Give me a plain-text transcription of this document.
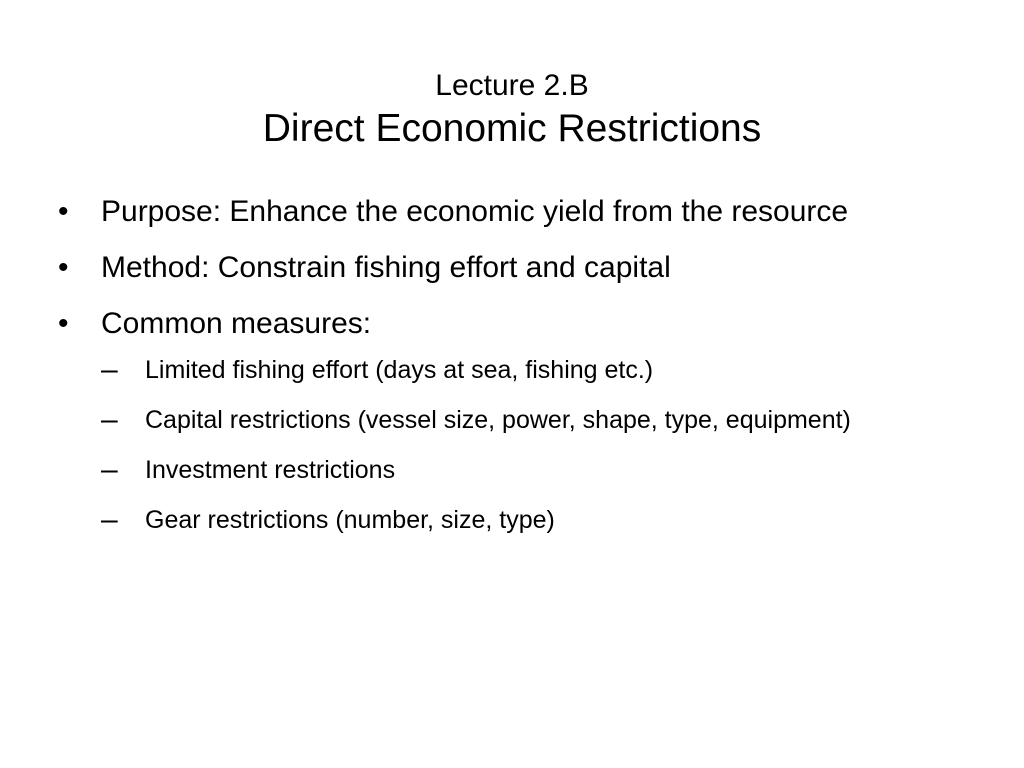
Lecture 2.B
Direct Economic Restrictions
•	Purpose: Enhance the economic yield from the resource
•	Method: Constrain fishing effort and capital
•	Common measures:
–	Limited fishing effort (days at sea, fishing etc.)
–	Capital restrictions (vessel size, power, shape, type, equipment)
–	Investment restrictions
–	Gear restrictions (number, size, type)
